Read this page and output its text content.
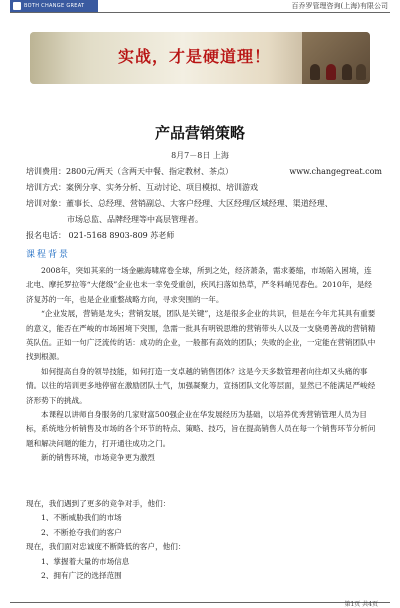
BOTH CHANGE GREAT	百乔罗管理咨询(上海)有限公司
实战，才是硬道理！
产品营销策略
8月7－8日 上海
培训费用：2800元/两天（含两天中餐、指定教材、茶点）	www.changegreat.com
培训方式：案例分享、实务分析、互动讨论、项目模拟、培训游戏
培训对象：董事长、总经理、营销副总、大客户经理、大区经理/区域经理、渠道经理、
市场总监、品牌经理等中高层管理者。
报名电话： 021-5168 8903-809 苏老师
课程背景

2008年，突如其来的一场金融海啸席卷全球，所到之处，经济萧条，需求萎缩，市场陷入困境，连北电、摩托罗拉等“大佬级”企业也未一幸免受重创，疾风扫落如热草，严冬料峭见春色。2010年，是经济复苏的一年，也是企业重整战略方向，寻求突围的一年。

“企业发展，营销是龙头；营销发展，团队是关键”，这是很多企业的共识，但是在今年尤其具有重要的意义，能否在严峻的市场困境下突围，急需一批具有明锐思维的营销带头人以及一支骁勇善战的营销精英队伍。正如一句广泛流传的话：成功的企业，一般都有高效的团队；失败的企业，一定能在营销团队中找到根源。

如何提高自身的领导技能，如何打造一支卓越的销售团体？这是今天多数管理者向往却又头痛的事情。以往的培训更多地停留在激励团队士气，加强凝聚力，宣扬团队文化等层面，显然已不能满足严峻经济形势下的挑战。

本课程以讲师自身服务的几家财富500强企业在华发展经历为基础，以培养优秀营销管理人员为目标，系统地分析销售及市场的各个环节的特点、策略、技巧，旨在提高销售人员在每一个销售环节分析问题和解决问题的能力，打开通往成功之门。

新的销售环境，市场竞争更为激烈

现在，我们遇到了更多的竞争对手，他们：
1、不断威胁我们的市场
2、不断抢夺我们的客户
现在，我们面对忠诚度不断降低的客户，他们：
1、掌握着大量的市场信息
2、拥有广泛的选择范围
第1页 共4页
